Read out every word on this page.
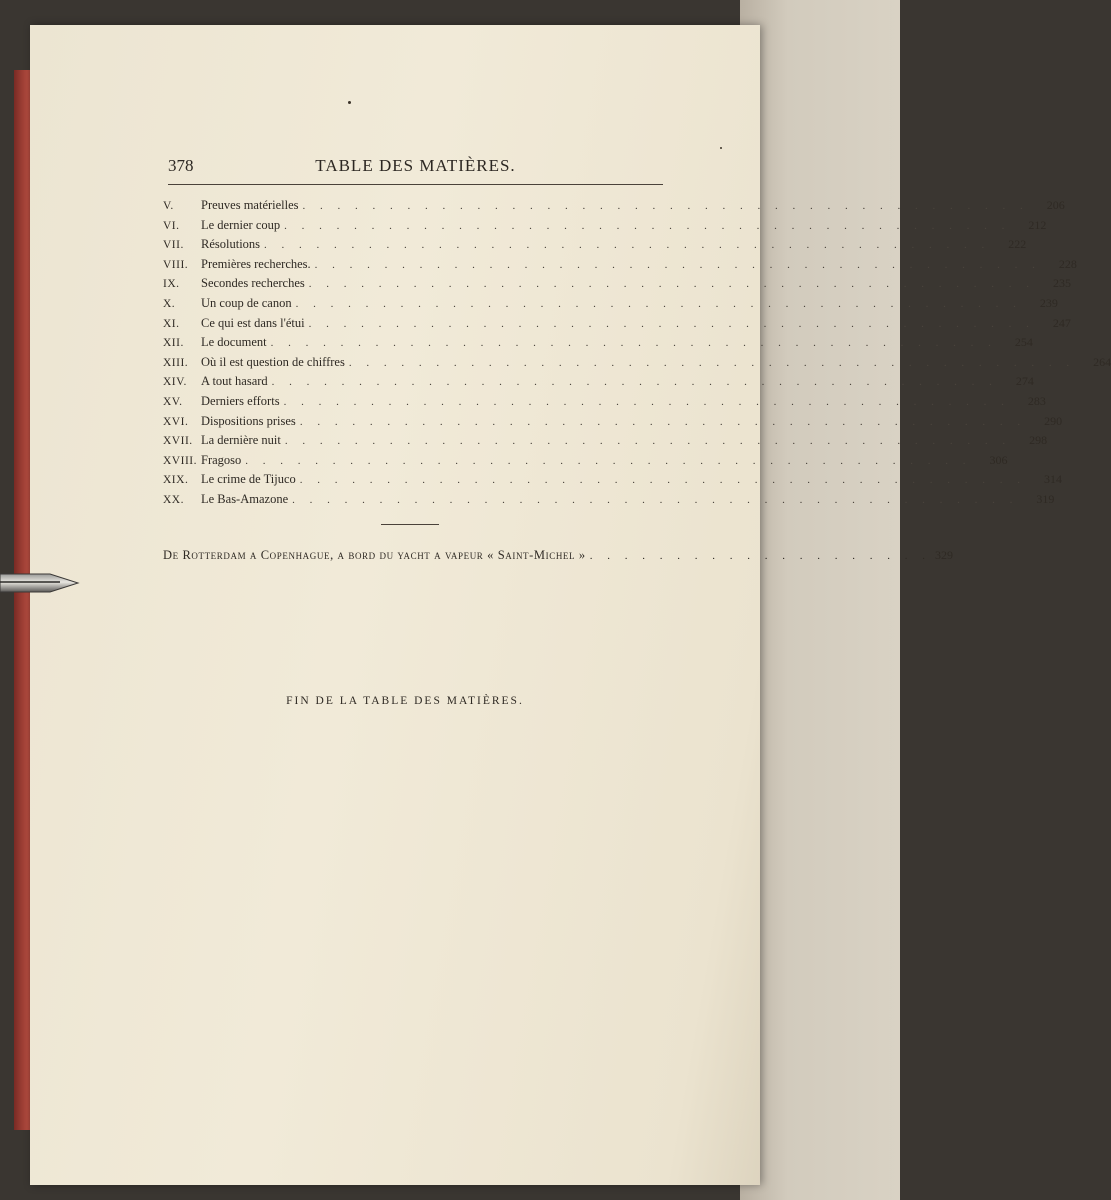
378	TABLE DES MATIÈRES.
V.	Preuves matérielles . . . . . . . . . . . . . . . . . . . . . . . . . . . . . . . . . . . . . . . . . .	206
VI.	Le dernier coup . . . . . . . . . . . . . . . . . . . . . . . . . . . . . . . . . . . . . . . . . .	212
VII.	Résolutions . . . . . . . . . . . . . . . . . . . . . . . . . . . . . . . . . . . . . . . . . .	222
VIII.	Premières recherches. . . . . . . . . . . . . . . . . . . . . . . . . . . . . . . . . . . . . . . . . . .	228
IX.	Secondes recherches . . . . . . . . . . . . . . . . . . . . . . . . . . . . . . . . . . . . . . . . . .	235
X.	Un coup de canon . . . . . . . . . . . . . . . . . . . . . . . . . . . . . . . . . . . . . . . . . .	239
XI.	Ce qui est dans l'étui . . . . . . . . . . . . . . . . . . . . . . . . . . . . . . . . . . . . . . . . . .	247
XII.	Le document . . . . . . . . . . . . . . . . . . . . . . . . . . . . . . . . . . . . . . . . . .	254
XIII.	Où il est question de chiffres . . . . . . . . . . . . . . . . . . . . . . . . . . . . . . . . . . . . . . . . . .	264
XIV.	A tout hasard . . . . . . . . . . . . . . . . . . . . . . . . . . . . . . . . . . . . . . . . . .	274
XV.	Derniers efforts . . . . . . . . . . . . . . . . . . . . . . . . . . . . . . . . . . . . . . . . . .	283
XVI.	Dispositions prises . . . . . . . . . . . . . . . . . . . . . . . . . . . . . . . . . . . . . . . . . .	290
XVII. La dernière nuit . . . . . . . . . . . . . . . . . . . . . . . . . . . . . . . . . . . . . . . . . .	298
XVIII. Fragoso . . . . . . . . . . . . . . . . . . . . . . . . . . . . . . . . . . . . . . . . . .	306
XIX.	Le crime de Tijuco . . . . . . . . . . . . . . . . . . . . . . . . . . . . . . . . . . . . . . . . . .	314
XX.	Le Bas-Amazone . . . . . . . . . . . . . . . . . . . . . . . . . . . . . . . . . . . . . . . . . .	319
De Rotterdam a Copenhague, a bord du yacht a vapeur « Saint-Michel » . . . . . . . . . . . . . . . . . . . . 329
FIN DE LA TABLE DES MATIÈRES.
